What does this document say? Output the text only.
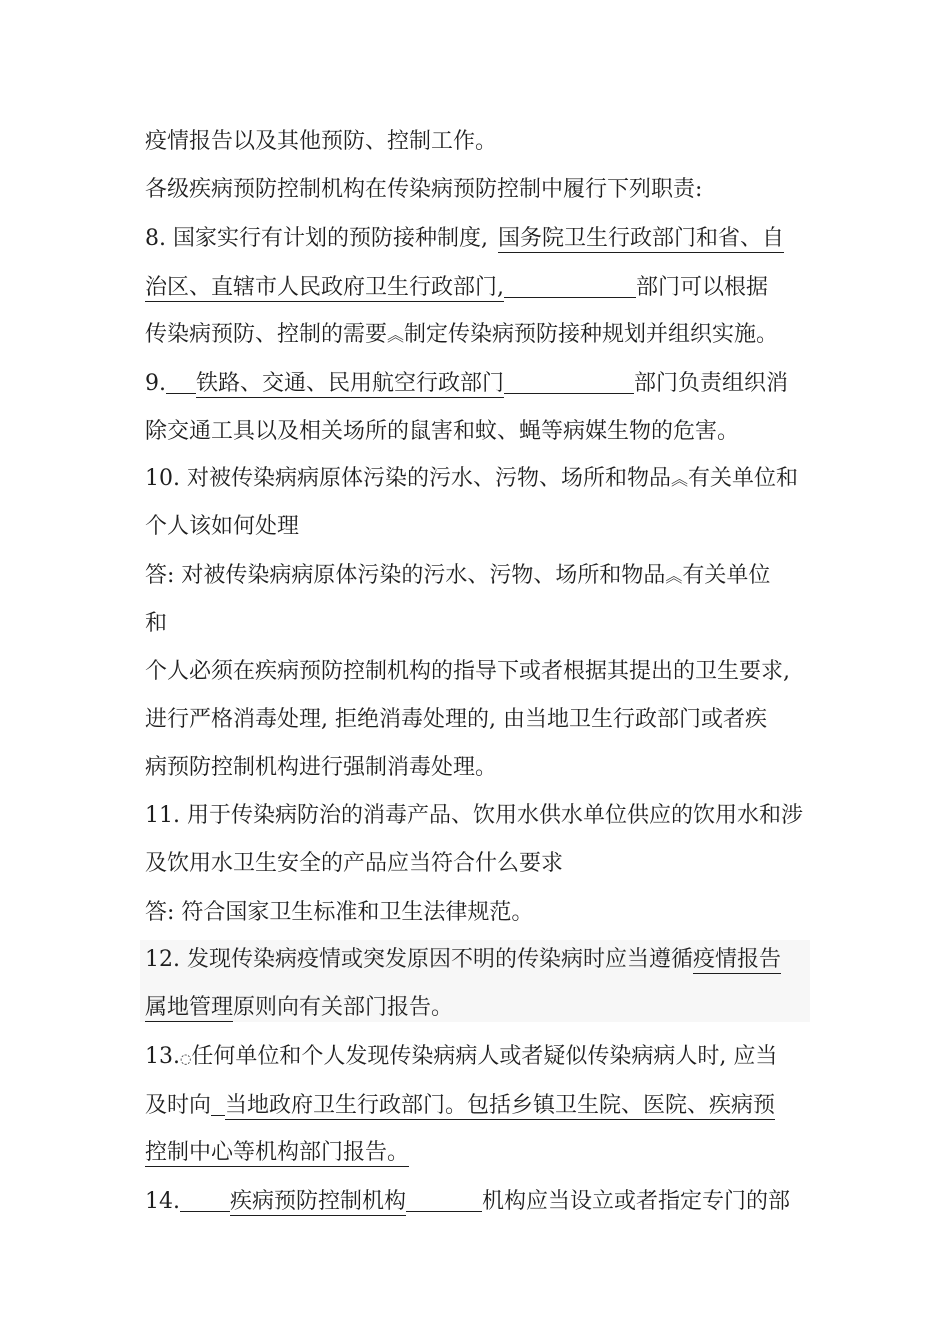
疫情报告以及其他预防、控制工作。
各级疾病预防控制机构在传染病预防控制中履行下列职责:
8. 国家实行有计划的预防接种制度, 国务院卫生行政部门和省、自
治区、直辖市人民政府卫生行政部门,	部门可以根据
传染病预防、控制的需要︽制定传染病预防接种规划并组织实施。
9. 铁路、交通、民用航空行政部门	部门负责组织消
除交通工具以及相关场所的鼠害和蚊、蝇等病媒生物的危害。
10. 对被传染病病原体污染的污水、污物、场所和物品︽有关单位和
个人该如何处理
答: 对被传染病病原体污染的污水、污物、场所和物品︽有关单位
和
个人必须在疾病预防控制机构的指导下或者根据其提出的卫生要求,
进行严格消毒处理, 拒绝消毒处理的, 由当地卫生行政部门或者疾
病预防控制机构进行强制消毒处理。
11. 用于传染病防治的消毒产品、饮用水供水单位供应的饮用水和涉
及饮用水卫生安全的产品应当符合什么要求
答: 符合国家卫生标准和卫生法律规范。
12. 发现传染病疫情或突发原因不明的传染病时应当遵循疫情报告
属地管理原则向有关部门报告。
13.◌任何单位和个人发现传染病病人或者疑似传染病病人时, 应当
及时向 当地政府卫生行政部门。包括乡镇卫生院、医院、疾病预
控制中心等机构部门报告。
14. 疾病预防控制机构	机构应当设立或者指定专门的部
